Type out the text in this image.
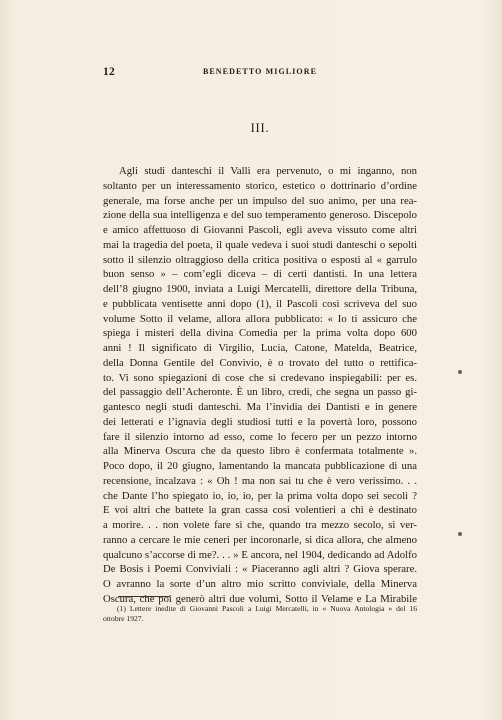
12	BENEDETTO MIGLIORE
III.
Agli studi danteschi il Valli era pervenuto, o mi inganno, non
soltanto per un interessamento storico, estetico o dottrinario d’ordine
generale, ma forse anche per un impulso del suo animo, per una rea-
zione della sua intelligenza e del suo temperamento generoso. Discepolo
e amico affettuoso di Giovanni Pascoli, egli aveva vissuto come altri
mai la tragedia del poeta, il quale vedeva i suoi studi danteschi o sepolti
sotto il silenzio oltraggioso della critica positiva o esposti al « garrulo
buon senso » – com’egli diceva – di certi dantisti. In una lettera
dell’8 giugno 1900, inviata a Luigi Mercatelli, direttore della Tribuna,
e pubblicata ventisette anni dopo (1), il Pascoli così scriveva del suo
volume Sotto il velame, allora allora pubblicato: « Io ti assicuro che
spiega i misteri della divina Comedia per la prima volta dopo 600
anni ! Il significato di Virgilio, Lucia, Catone, Matelda, Beatrice,
della Donna Gentile del Convivio, è o trovato del tutto o rettifica-
to. Vi sono spiegazioni di cose che si credevano inspiegabili: per es.
del passaggio dell’Acheronte. È un libro, credi, che segna un passo gi-
gantesco negli studi danteschi. Ma l’invidia dei Dantisti e in genere
dei letterati e l’ignavia degli studiosi tutti e la povertà loro, possono
fare il silenzio intorno ad esso, come lo fecero per un pezzo intorno
alla Minerva Oscura che da questo libro è confermata totalmente ».
Poco dopo, il 20 giugno, lamentando la mancata pubblicazione di una
recensione, incalzava : « Oh ! ma non sai tu che è vero verissimo. . .
che Dante l’ho spiegato io, io, io, per la prima volta dopo sei secoli ?
E voi altri che battete la gran cassa così volentieri a chi è destinato
a morire. . . non volete fare sì che, quando tra mezzo secolo, si ver-
ranno a cercare le mie ceneri per incoronarle, si dica allora, che almeno
qualcuno s’accorse di me?. . . » E ancora, nel 1904, dedicando ad Adolfo
De Bosis i Poemi Conviviali : « Piaceranno agli altri ? Giova sperare.
O avranno la sorte d’un altro mio scritto conviviale, della Minerva
Oscura, che poi generò altri due volumi, Sotto il Velame e La Mirabile
(1) Lettere inedite di Giovanni Pascoli a Luigi Mercatelli, in « Nuova Antologia » del 16
ottobre 1927.
